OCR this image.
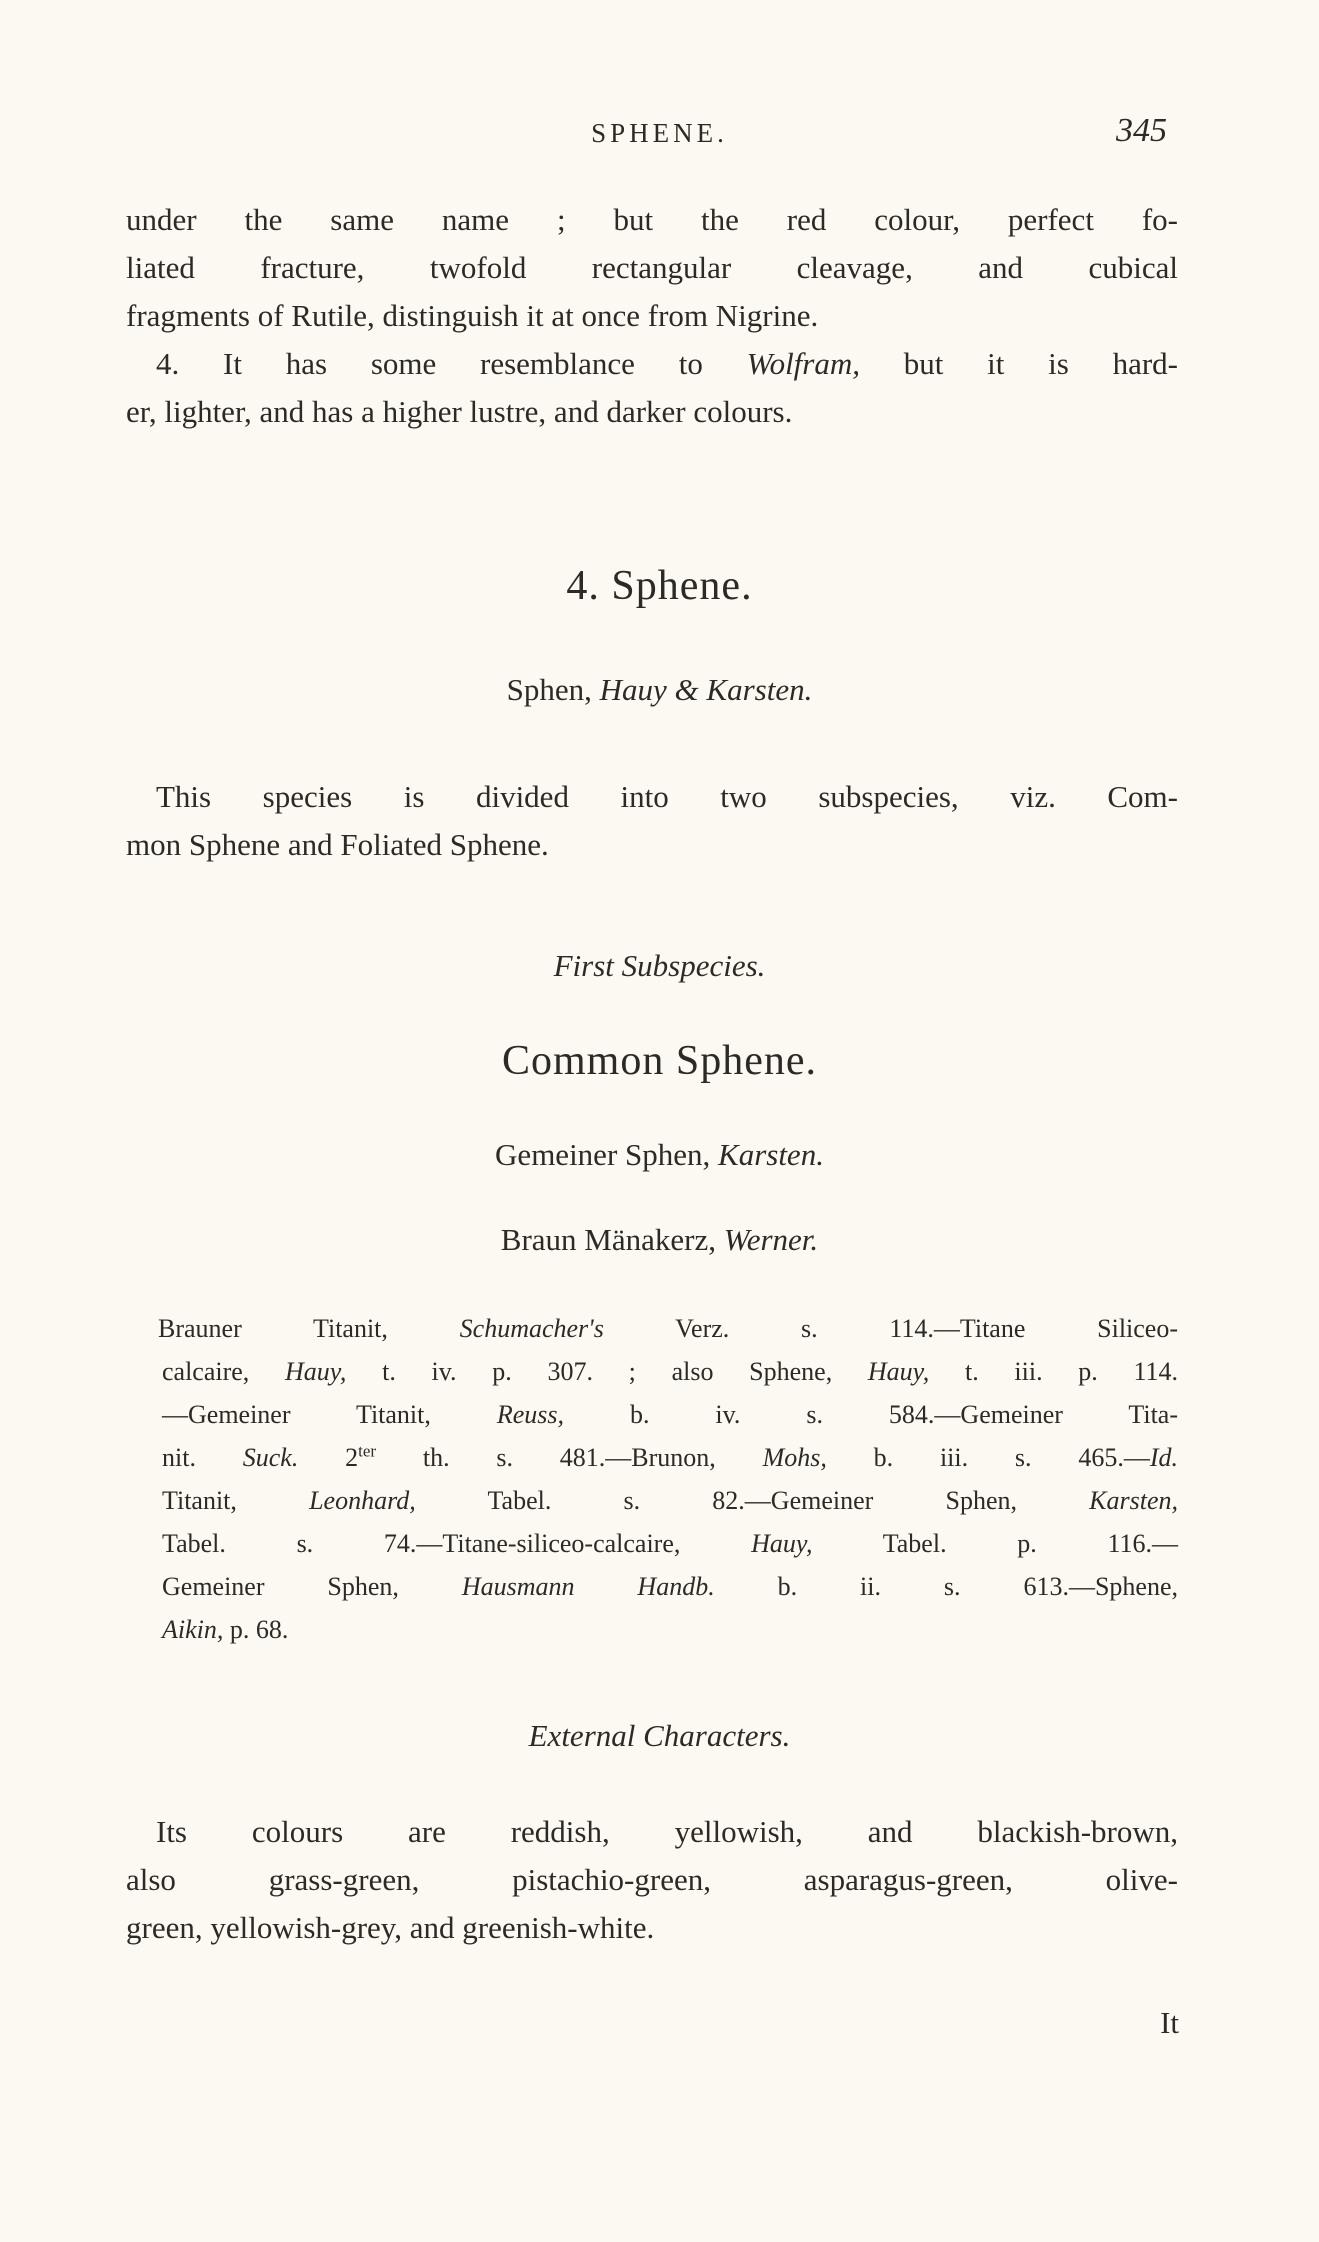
SPHENE.	345
under the same name ; but the red colour, perfect fo-
liated fracture, twofold rectangular cleavage, and cubical
fragments of Rutile, distinguish it at once from Nigrine.
4. It has some resemblance to Wolfram, but it is hard-
er, lighter, and has a higher lustre, and darker colours.
4. Sphene.
Sphen, Hauy & Karsten.
This species is divided into two subspecies, viz. Com-
mon Sphene and Foliated Sphene.
First Subspecies.
Common Sphene.
Gemeiner Sphen, Karsten.
Braun Mänakerz, Werner.
Brauner Titanit, Schumacher's Verz. s. 114.—Titane Siliceo-
calcaire, Hauy, t. iv. p. 307. ; also Sphene, Hauy, t. iii. p. 114.
—Gemeiner Titanit, Reuss, b. iv. s. 584.—Gemeiner Tita-
nit. Suck. $2^{ter}$ th. s. 481.—Brunon, Mohs, b. iii. s. 465.—Id.
Titanit, Leonhard, Tabel. s. 82.—Gemeiner Sphen, Karsten,
Tabel. s. 74.—Titane-siliceo-calcaire, Hauy, Tabel. p. 116.—
Gemeiner Sphen, Hausmann Handb. b. ii. s. 613.—Sphene,
Aikin, p. 68.
External Characters.
Its colours are reddish, yellowish, and blackish-brown,
also grass-green, pistachio-green, asparagus-green, olive-
green, yellowish-grey, and greenish-white.
It
